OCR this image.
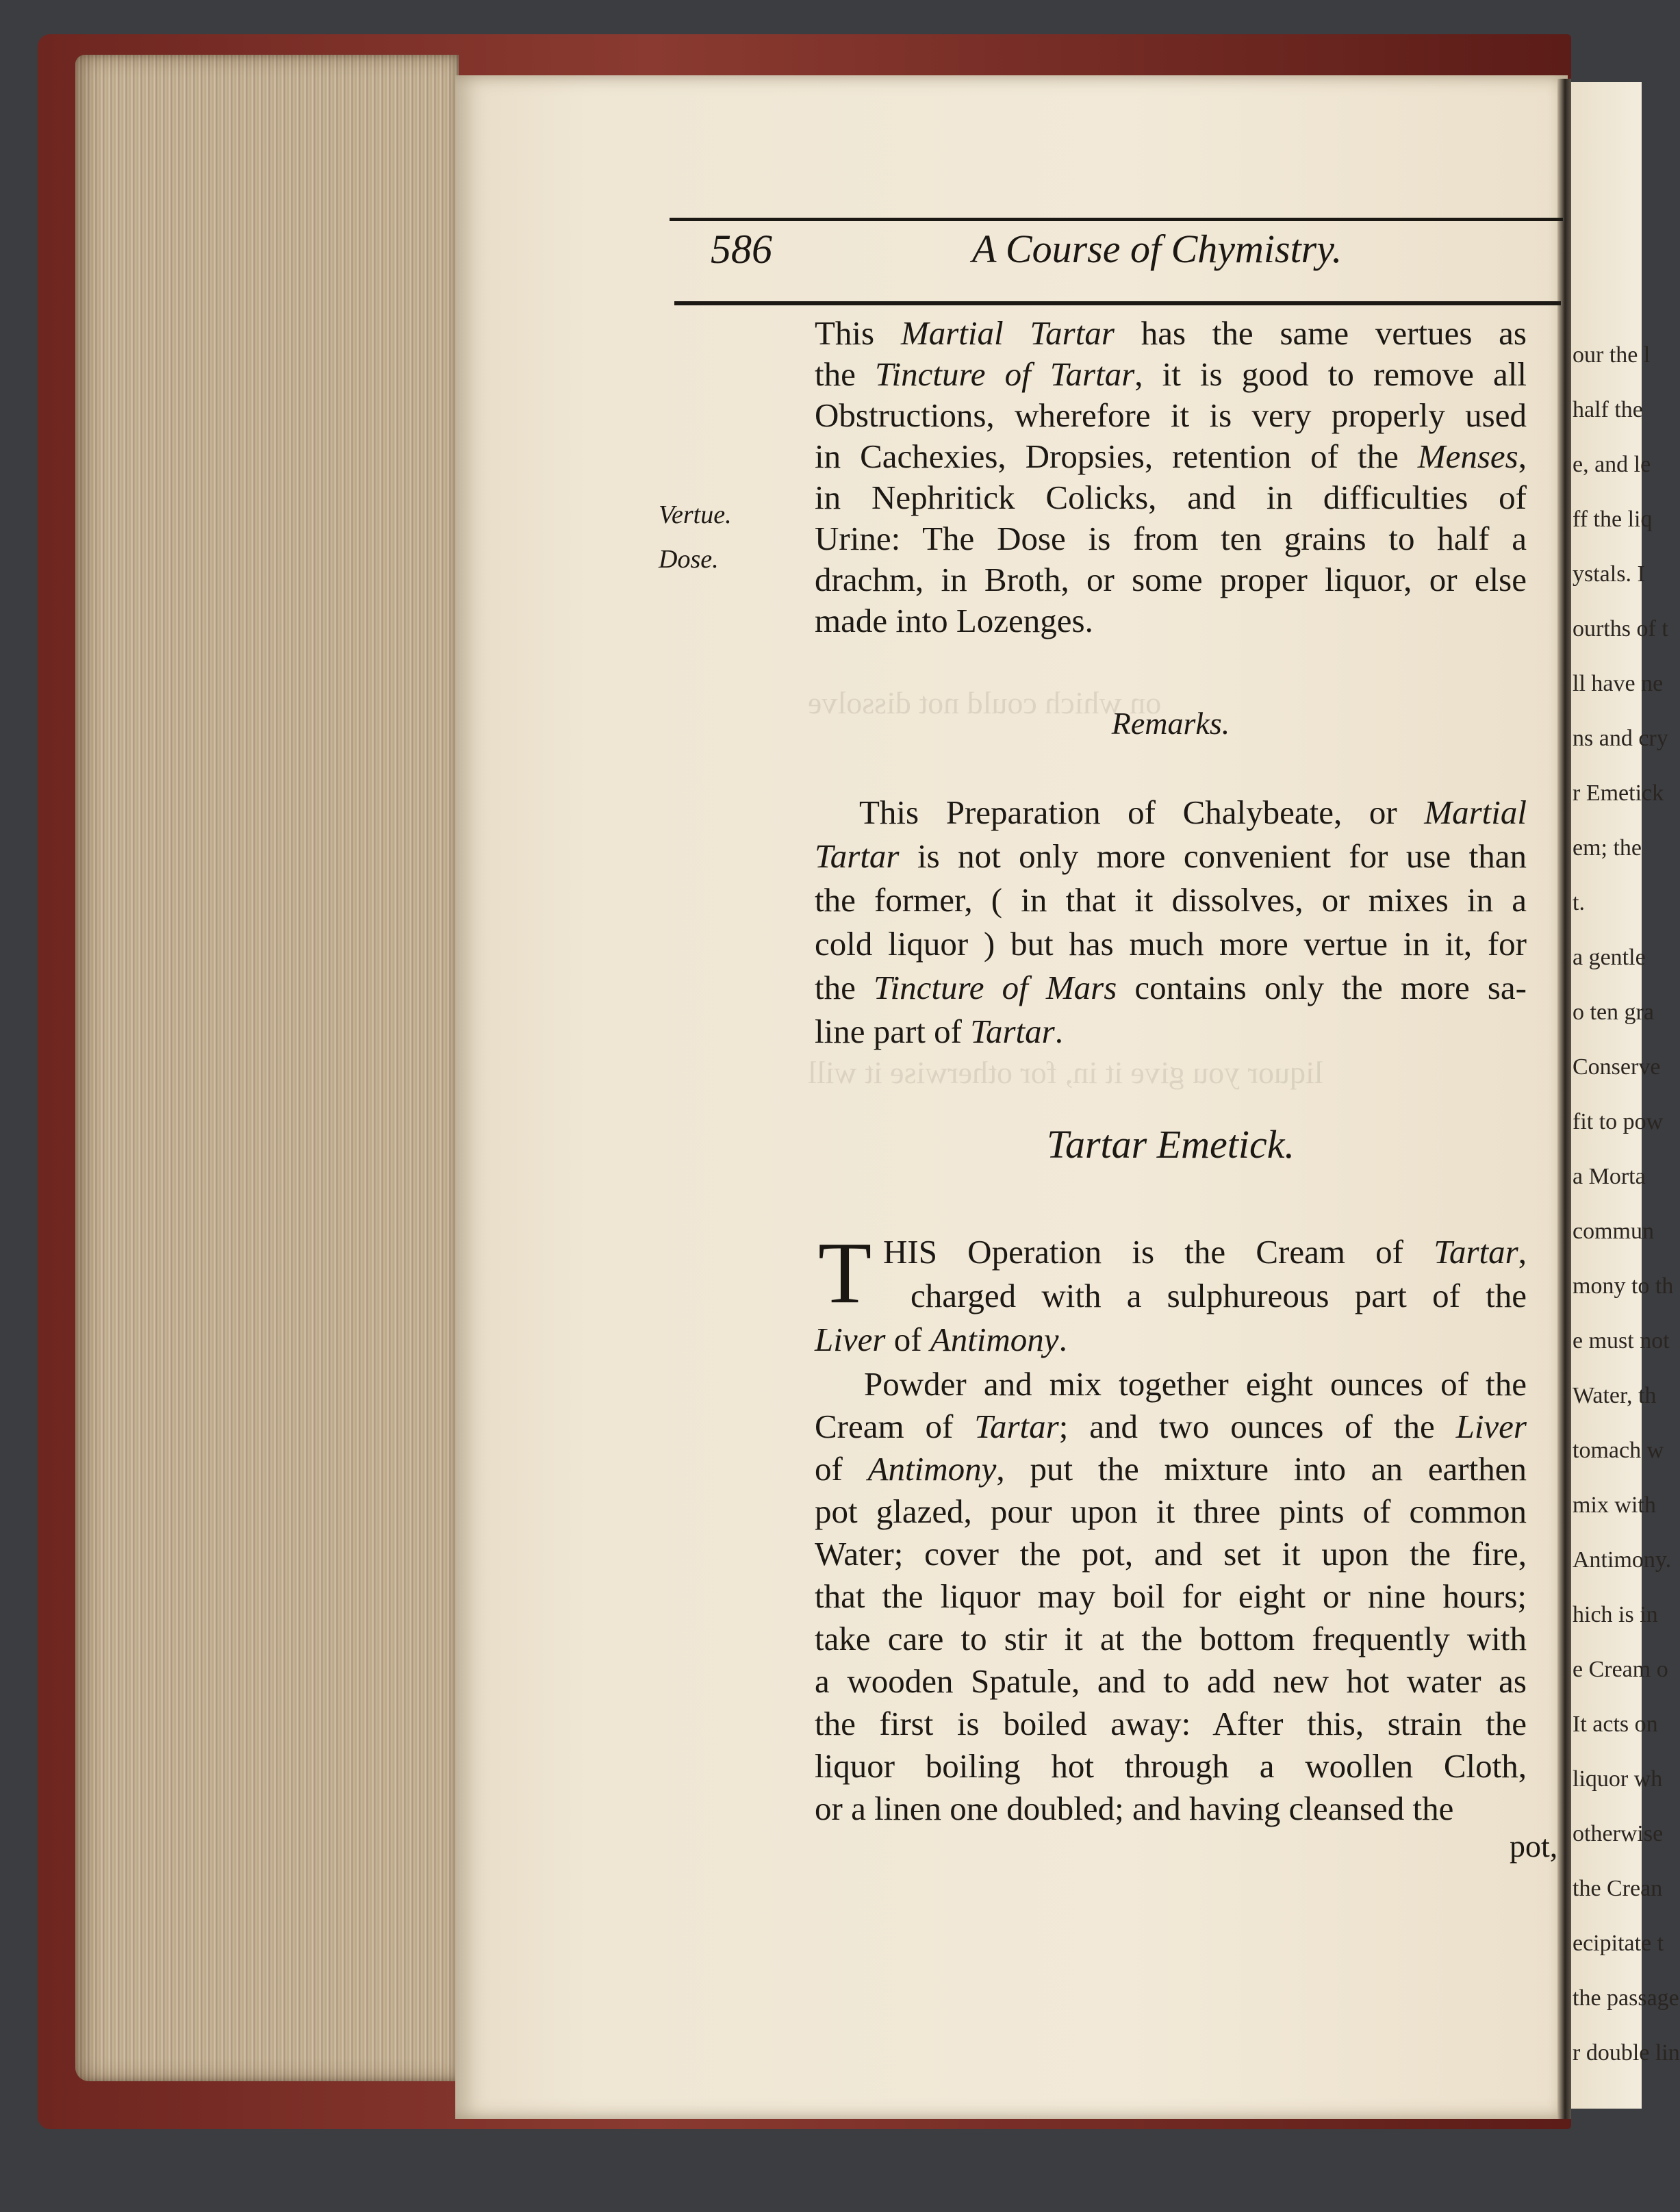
our the l
half the
e, and le
ff the liq
ystals. I
ourths of t
ll have ne
ns and cry
r Emetick
em; the
t.
a gentle
o ten gra
Conserve
fit to pow
a Morta
commun
mony to th
e must not
Water, th
tomach w
mix with
Antimony.
hich is in
e Cream o
It acts on
liquor wh
otherwise
the Crean
ecipitate t
the passage
r double lin
on which could not dissolve
liquor you give it in, for otherwise it will
586	A Course of Chymistry.
Vertue.
Dose.
This Martial Tartar has the same vertues as
the Tincture of Tartar, it is good to remove all
Obstructions, wherefore it is very properly used
in Cachexies, Dropsies, retention of the Menses,
in Nephritick Colicks, and in difficulties of
Urine: The Dose is from ten grains to half a
drachm, in Broth, or some proper liquor, or else
made into Lozenges.
Remarks.
This Preparation of Chalybeate, or Martial
Tartar is not only more convenient for use than
the former, ( in that it dissolves, or mixes in a
cold liquor ) but has much more vertue in it, for
the Tincture of Mars contains only the more sa-
line part of Tartar.
Tartar Emetick.
T HIS Operation is the Cream of Tartar,
charged with a sulphureous part of the
Liver of Antimony.
Powder and mix together eight ounces of the
Cream of Tartar; and two ounces of the Liver
of Antimony, put the mixture into an earthen
pot glazed, pour upon it three pints of common
Water; cover the pot, and set it upon the fire,
that the liquor may boil for eight or nine hours;
take care to stir it at the bottom frequently with
a wooden Spatule, and to add new hot water as
the first is boiled away: After this, strain the
liquor boiling hot through a woollen Cloth,
or a linen one doubled; and having cleansed the
pot,
